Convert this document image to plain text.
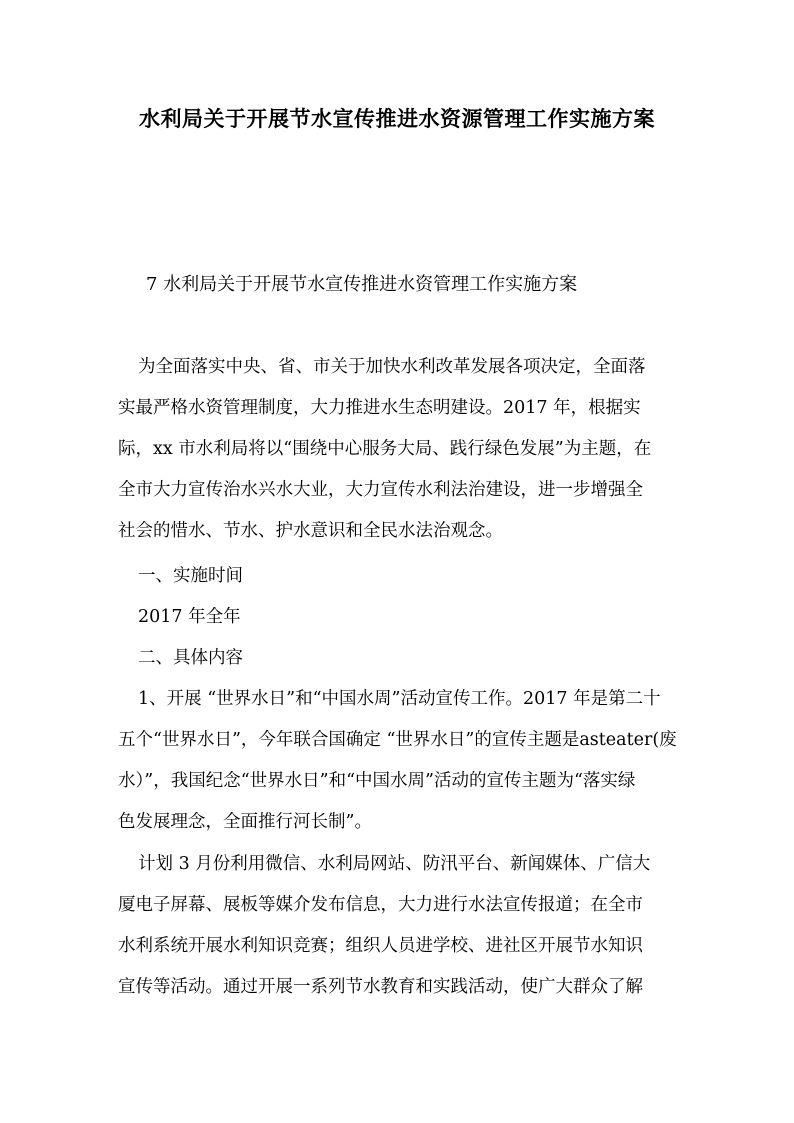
水利局关于开展节水宣传推进水资源管理工作实施方案
7 水利局关于开展节水宣传推进水资管理工作实施方案
为全面落实中央、省、市关于加快水利改革发展各项决定，全面落
实最严格水资管理制度，大力推进水生态明建设。2017 年，根据实
际，xx 市水利局将以“围绕中心服务大局、践行绿色发展”为主题，在
全市大力宣传治水兴水大业，大力宣传水利法治建设，进一步增强全
社会的惜水、节水、护水意识和全民水法治观念。
一、实施时间
2017 年全年
二、具体内容
1、开展 “世界水日”和“中国水周”活动宣传工作。2017 年是第二十
五个“世界水日”，今年联合国确定 “世界水日”的宣传主题是asteater(废
水）”，我国纪念“世界水日”和“中国水周”活动的宣传主题为“落实绿
色发展理念，全面推行河长制”。
计划 3 月份利用微信、水利局网站、防汛平台、新闻媒体、广信大
厦电子屏幕、展板等媒介发布信息，大力进行水法宣传报道；在全市
水利系统开展水利知识竞赛；组织人员进学校、进社区开展节水知识
宣传等活动。通过开展一系列节水教育和实践活动，使广大群众了解
